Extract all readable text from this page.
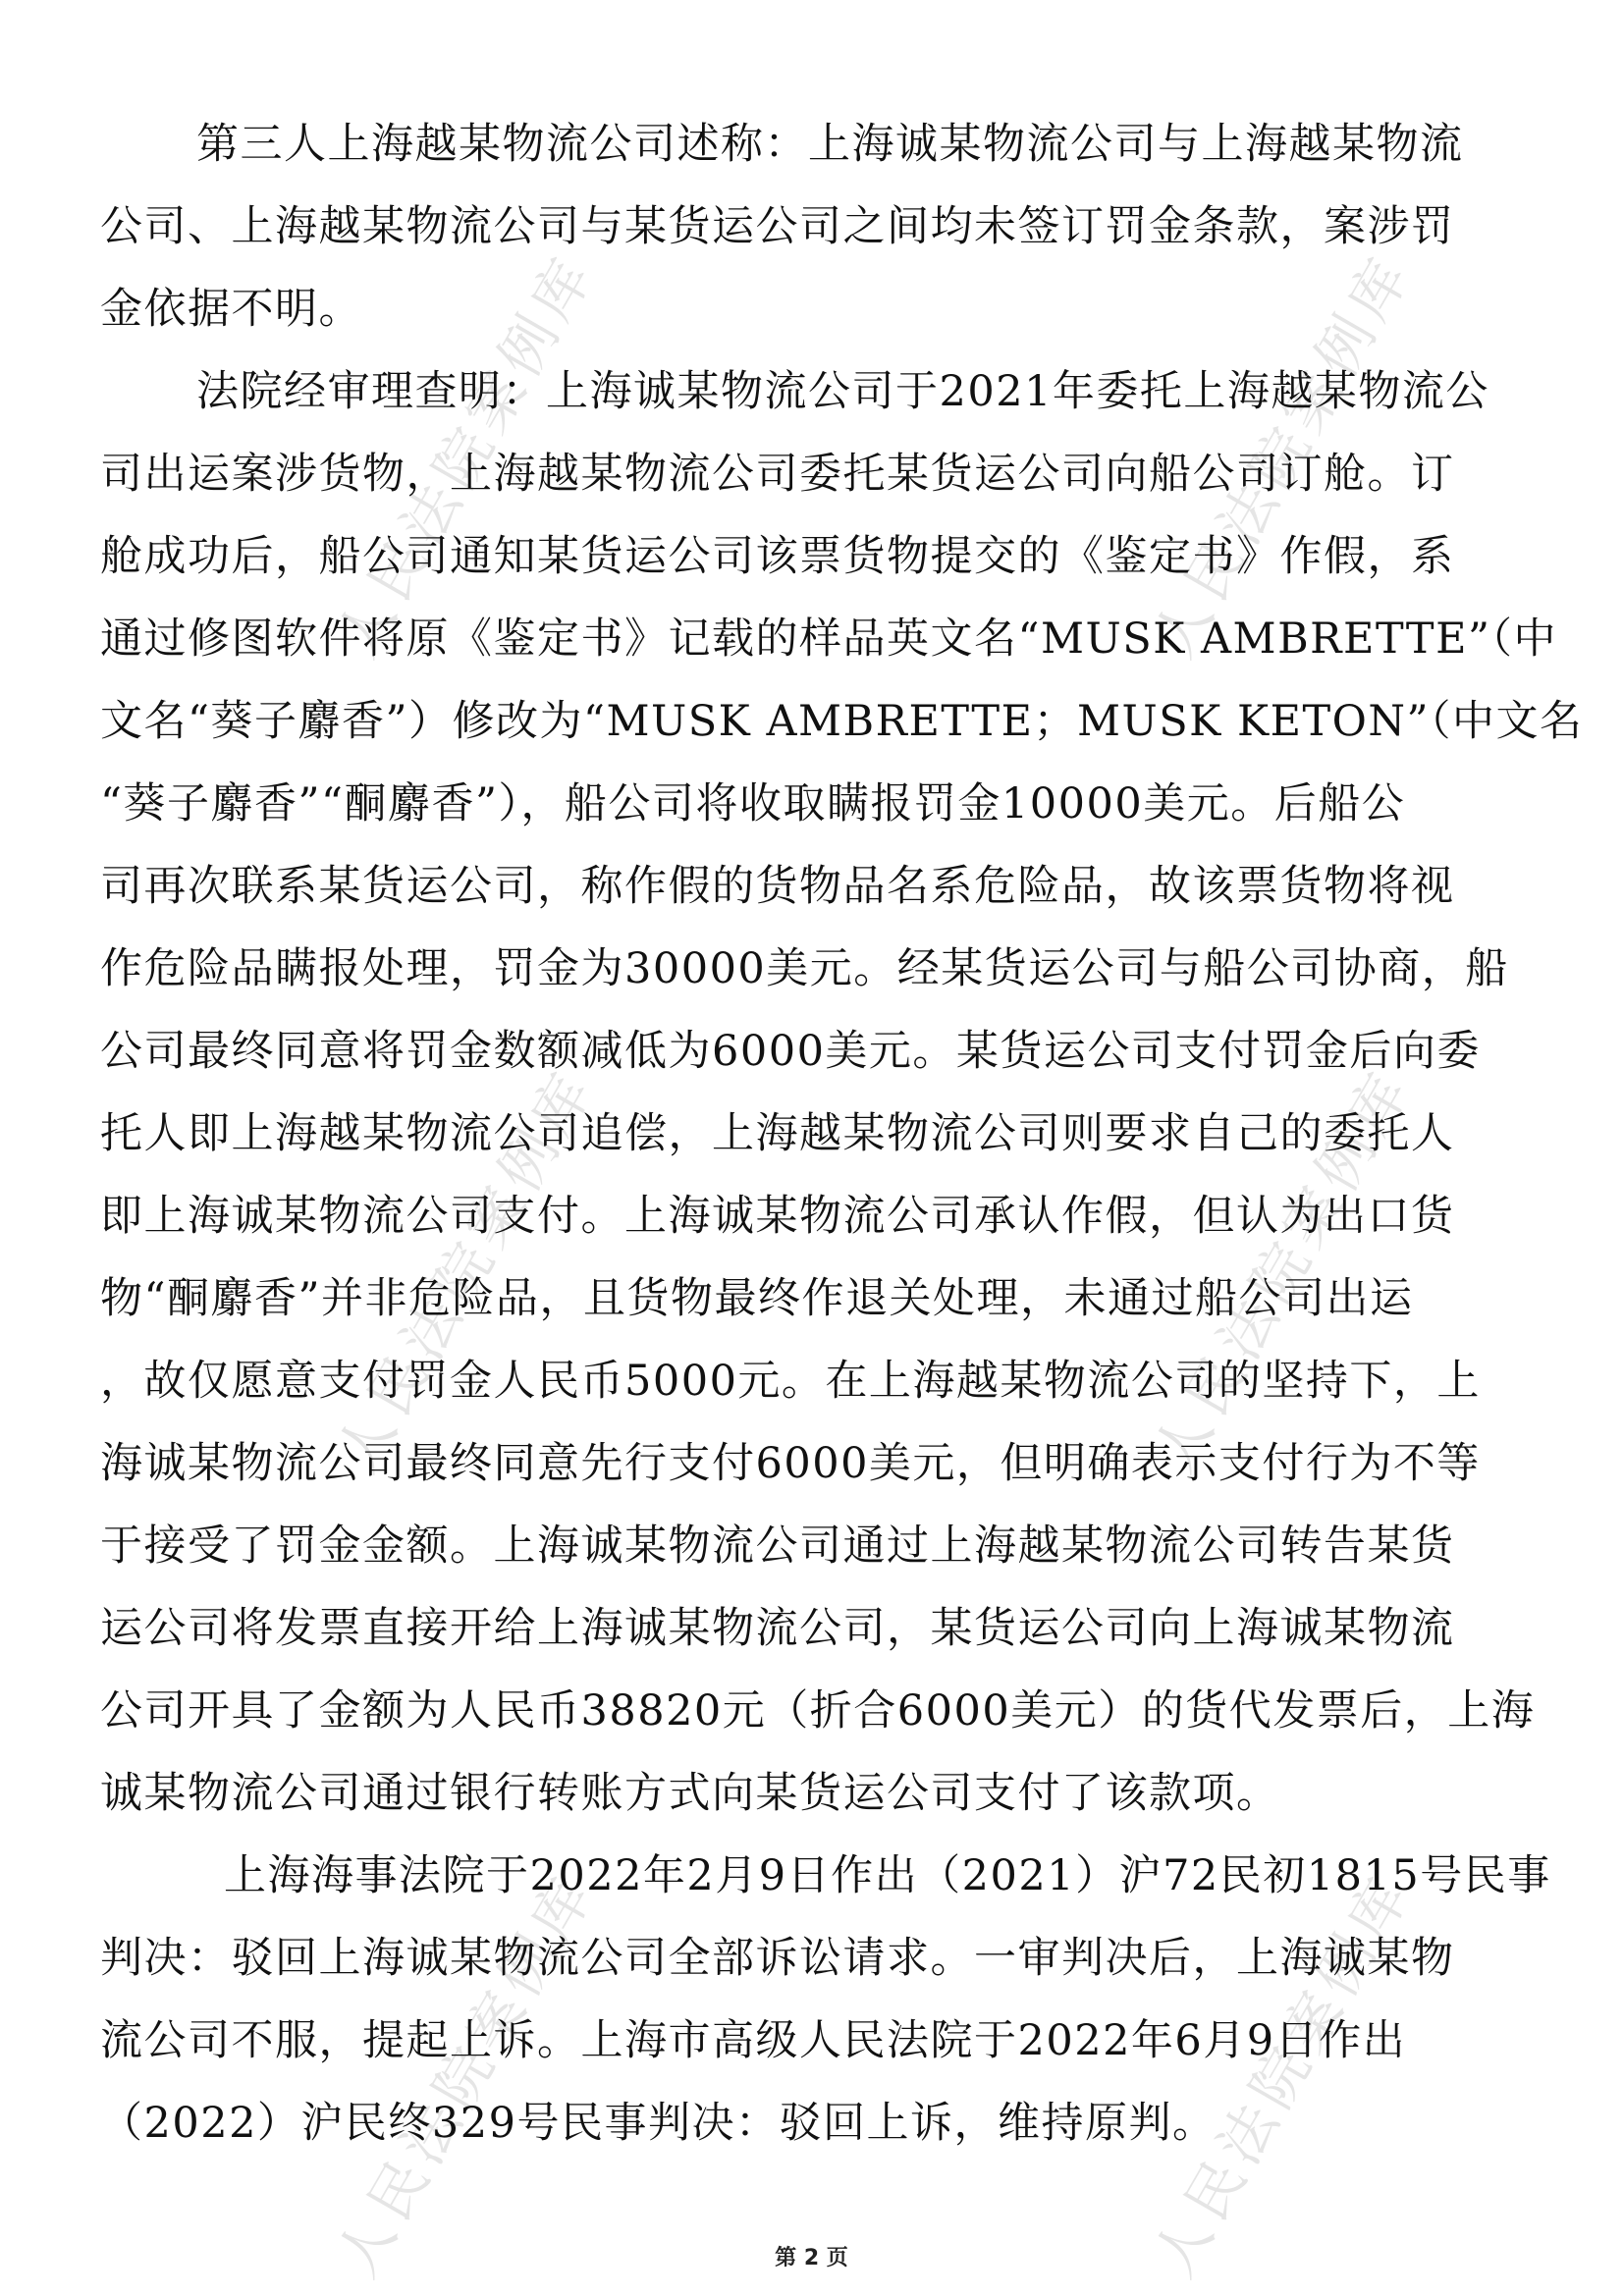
人民法院案例库	人民法院案例库
人民法院案例库	人民法院案例库
人民法院案例库	人民法院案例库
第三人上海越某物流公司述称：上海诚某物流公司与上海越某物流
公司、上海越某物流公司与某货运公司之间均未签订罚金条款，案涉罚
金依据不明。
法院经审理查明：上海诚某物流公司于2021年委托上海越某物流公
司出运案涉货物，上海越某物流公司委托某货运公司向船公司订舱。订
舱成功后，船公司通知某货运公司该票货物提交的《鉴定书》作假，系
通过修图软件将原《鉴定书》记载的样品英文名“MUSK AMBRETTE”（中
文名“葵子麝香”）修改为“MUSK AMBRETTE；MUSK KETON”（中文名
“葵子麝香”“酮麝香”），船公司将收取瞒报罚金10000美元。后船公
司再次联系某货运公司，称作假的货物品名系危险品，故该票货物将视
作危险品瞒报处理，罚金为30000美元。经某货运公司与船公司协商，船
公司最终同意将罚金数额减低为6000美元。某货运公司支付罚金后向委
托人即上海越某物流公司追偿，上海越某物流公司则要求自己的委托人
即上海诚某物流公司支付。上海诚某物流公司承认作假，但认为出口货
物“酮麝香”并非危险品，且货物最终作退关处理，未通过船公司出运
，故仅愿意支付罚金人民币5000元。在上海越某物流公司的坚持下，上
海诚某物流公司最终同意先行支付6000美元，但明确表示支付行为不等
于接受了罚金金额。上海诚某物流公司通过上海越某物流公司转告某货
运公司将发票直接开给上海诚某物流公司，某货运公司向上海诚某物流
公司开具了金额为人民币38820元（折合6000美元）的货代发票后，上海
诚某物流公司通过银行转账方式向某货运公司支付了该款项。
上海海事法院于2022年2月9日作出（2021）沪72民初1815号民事
判决：驳回上海诚某物流公司全部诉讼请求。一审判决后，上海诚某物
流公司不服，提起上诉。上海市高级人民法院于2022年6月9日作出
（2022）沪民终329号民事判决：驳回上诉，维持原判。
第 2 页
